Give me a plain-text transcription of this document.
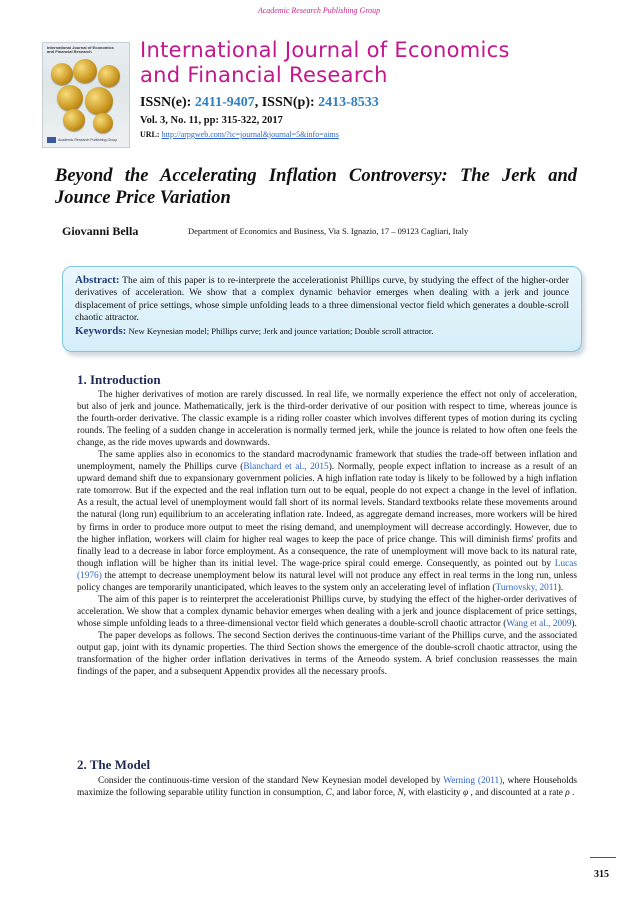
Academic Research Publishing Group
International Journal of Economics
and Financial Research
Academic Research Publishing Group
International Journal of Economics
and Financial Research
ISSN(e): 2411-9407, ISSN(p): 2413-8533
Vol. 3, No. 11, pp: 315-322, 2017
URL: http://arpgweb.com/?ic=journal&journal=5&info=aims
Beyond the Accelerating Inflation Controversy: The Jerk and Jounce Price Variation
Giovanni Bella	Department of Economics and Business, Via S. Ignazio, 17 – 09123 Cagliari, Italy
Abstract: The aim of this paper is to re-interprete the accelerationist Phillips curve, by studying the effect of the higher-order derivatives of acceleration. We show that a complex dynamic behavior emerges when dealing with a jerk and jounce displacement of price settings, whose simple unfolding leads to a three dimensional vector field which generates a double-scroll chaotic attractor.
Keywords: New Keynesian model; Phillips curve; Jerk and jounce variation; Double scroll attractor.
1. Introduction

The higher derivatives of motion are rarely discussed. In real life, we normally experience the effect not only of acceleration, but also of jerk and jounce. Mathematically, jerk is the third-order derivative of our position with respect to time, whereas jounce is the fourth-order derivative. The classic example is a riding roller coaster which involves different types of motion during its cycling rounds. The feeling of a sudden change in acceleration is normally termed jerk, while the jounce is related to how often one feels the change, as the ride moves upwards and downwards.

The same applies also in economics to the standard macrodynamic framework that studies the trade-off between inflation and unemployment, namely the Phillips curve (Blanchard et al., 2015). Normally, people expect inflation to increase as a result of an upward demand shift due to expansionary government policies. A high inflation rate today is likely to be followed by a high inflation rate tomorrow. But if the expected and the real inflation turn out to be equal, people do not expect a change in the level of inflation. As a result, the actual level of unemployment would fall short of its normal levels. Standard textbooks relate these movements around the natural (long run) equilibrium to an accelerating inflation rate. Indeed, as aggregate demand increases, more workers will be hired by firms in order to produce more output to meet the rising demand, and unemployment will decrease accordingly. However, due to the higher inflation, workers will claim for higher real wages to keep the pace of price change. This will diminish firms' profits and finally lead to a decrease in labor force employment. As a consequence, the rate of unemployment will move back to its natural rate, though inflation will be higher than its initial level. The wage-price spiral could emerge. Consequently, as pointed out by Lucas (1976) the attempt to decrease unemployment below its natural level will not produce any effect in real terms in the long run, unless policy changes are temporarily unanticipated, which leaves to the system only an accelerating level of inflation (Turnovsky, 2011).

The aim of this paper is to reinterpret the accelerationist Phillips curve, by studying the effect of the higher-order derivatives of acceleration. We show that a complex dynamic behavior emerges when dealing with a jerk and jounce displacement of price settings, whose simple unfolding leads to a three-dimensional vector field which generates a double-scroll chaotic attractor (Wang et al., 2009).

The paper develops as follows. The second Section derives the continuous-time variant of the Phillips curve, and the associated output gap, joint with its dynamic properties. The third Section shows the emergence of the double-scroll chaotic attractor, using the transformation of the higher order inflation derivatives in terms of the Arneodo system. A brief conclusion reassesses the main findings of the paper, and a subsequent Appendix provides all the necessary proofs.

2. The Model

Consider the continuous-time version of the standard New Keynesian model developed by Werning (2011), where Households maximize the following separable utility function in consumption, C, and labor force, N, with elasticity φ , and discounted at a rate ρ .

315
